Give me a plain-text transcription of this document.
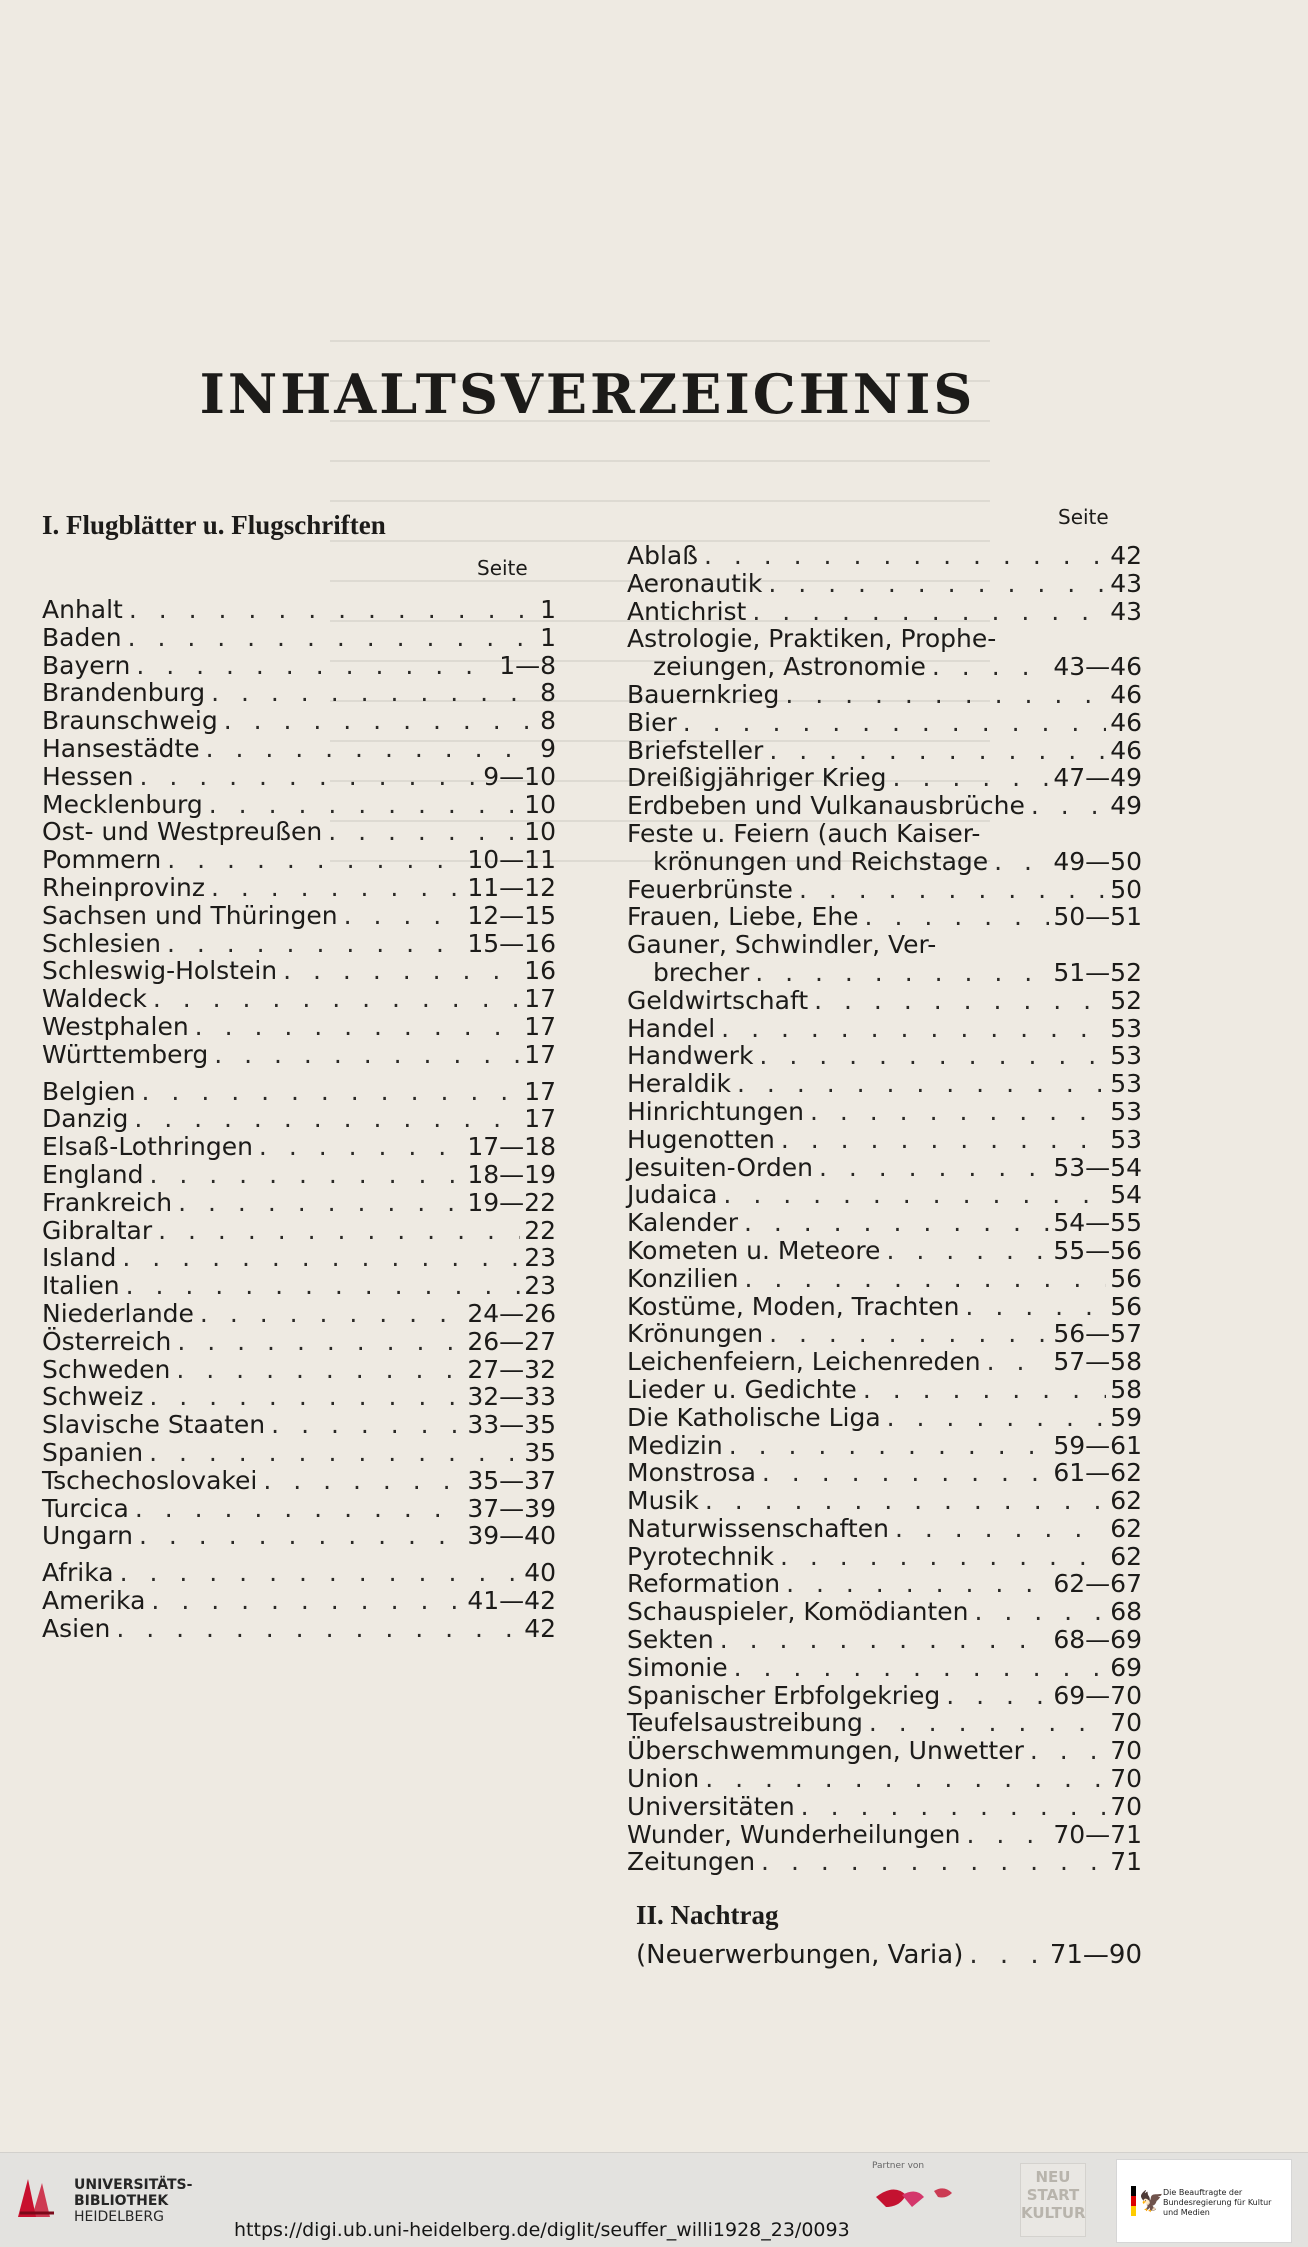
INHALTSVERZEICHNIS
I. Flugblätter u. Flugschriften
Seite
Seite
Anhalt . . .	1
Baden . . .	1
Bayern . . .	1—8
Brandenburg . . .	8
Braunschweig . . .	8
Hansestädte . . .	9
Hessen . . .	9—10
Mecklenburg . . .	10
Ost- und Westpreußen . . .	10
Pommern . . .	10—11
Rheinprovinz . . .	11—12
Sachsen und Thüringen . . .	12—15
Schlesien . . .	15—16
Schleswig-Holstein . . .	16
Waldeck . . .	17
Westphalen . . .	17
Württemberg . . .	17
Belgien . . .	17
Danzig . . .	17
Elsaß-Lothringen . . .	17—18
England . . .	18—19
Frankreich . . .	19—22
Gibraltar . . .	22
Island . . .	23
Italien . . .	23
Niederlande . . .	24—26
Österreich . . .	26—27
Schweden . . .	27—32
Schweiz . . .	32—33
Slavische Staaten . . .	33—35
Spanien . . .	35
Tschechoslovakei . . .	35—37
Turcica . . .	37—39
Ungarn . . .	39—40
Afrika . . .	40
Amerika . . .	41—42
Asien . . .	42
Ablaß . . .	42
Aeronautik . . .	43
Antichrist . . .	43
Astrologie, Praktiken, Prophe-
zeiungen, Astronomie . . .	43—46
Bauernkrieg . . .	46
Bier . . .	46
Briefsteller . . .	46
Dreißigjähriger Krieg . . .	47—49
Erdbeben und Vulkanausbrüche . . .	49
Feste u. Feiern (auch Kaiser-
krönungen und Reichstage . . .	49—50
Feuerbrünste . . .	50
Frauen, Liebe, Ehe . . .	50—51
Gauner, Schwindler, Ver-
brecher . . .	51—52
Geldwirtschaft . . .	52
Handel . . .	53
Handwerk . . .	53
Heraldik . . .	53
Hinrichtungen . . .	53
Hugenotten . . .	53
Jesuiten-Orden . . .	53—54
Judaica . . .	54
Kalender . . .	54—55
Kometen u. Meteore . . .	55—56
Konzilien . . .	56
Kostüme, Moden, Trachten . . .	56
Krönungen . . .	56—57
Leichenfeiern, Leichenreden . . .	57—58
Lieder u. Gedichte . . .	58
Die Katholische Liga . . .	59
Medizin . . .	59—61
Monstrosa . . .	61—62
Musik . . .	62
Naturwissenschaften . . .	62
Pyrotechnik . . .	62
Reformation . . .	62—67
Schauspieler, Komödianten . . .	68
Sekten . . .	68—69
Simonie . . .	69
Spanischer Erbfolgekrieg . . .	69—70
Teufelsaustreibung . . .	70
Überschwemmungen, Unwetter . . .	70
Union . . .	70
Universitäten . . .	70
Wunder, Wunderheilungen . . .	70—71
Zeitungen . . .	71
II. Nachtrag
(Neuerwerbungen, Varia) . . .	71—90
UNIVERSITÄTS-
BIBLIOTHEK
HEIDELBERG
Partner von
NEU
START
KULTUR	🦅 Die Beauftragte der Bundesregierung für Kultur und Medien
https://digi.ub.uni-heidelberg.de/diglit/seuffer_willi1928_23/0093
